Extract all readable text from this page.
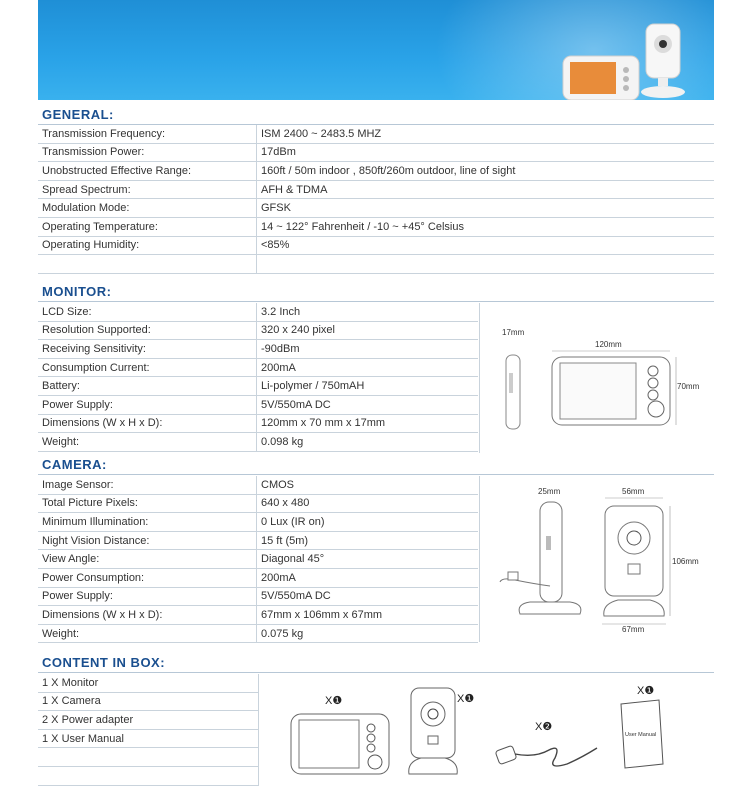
GENERAL:
Transmission Frequency:	ISM 2400 ~ 2483.5 MHZ
Transmission Power:	17dBm
Unobstructed Effective Range:	160ft / 50m indoor , 850ft/260m outdoor, line of sight
Spread Spectrum:	AFH & TDMA
Modulation Mode:	GFSK
Operating Temperature:	14 ~ 122° Fahrenheit / -10 ~ +45° Celsius
Operating Humidity:	<85%

MONITOR:
LCD Size:	3.2 Inch
Resolution Supported:	320 x 240 pixel
Receiving Sensitivity:	-90dBm
Consumption Current:	200mA
Battery:	Li-polymer / 750mAH
Power Supply:	5V/550mA DC
Dimensions (W x H x D):	120mm x 70 mm x 17mm
Weight:	0.098 kg
17mm
120mm
70mm
CAMERA:
Image Sensor:	CMOS
Total Picture Pixels:	640 x 480
Minimum Illumination:	0 Lux (IR on)
Night Vision Distance:	15 ft (5m)
View Angle:	Diagonal 45°
Power Consumption:	200mA
Power Supply:	5V/550mA DC
Dimensions (W x H x D):	67mm x 106mm x 67mm
Weight:	0.075 kg
25mm	56mm
106mm
67mm
CONTENT IN BOX:
1 X Monitor
1 X Camera
2 X Power adapter
1 X User Manual

X❶	X❶
X❷
X❶
User Manual
